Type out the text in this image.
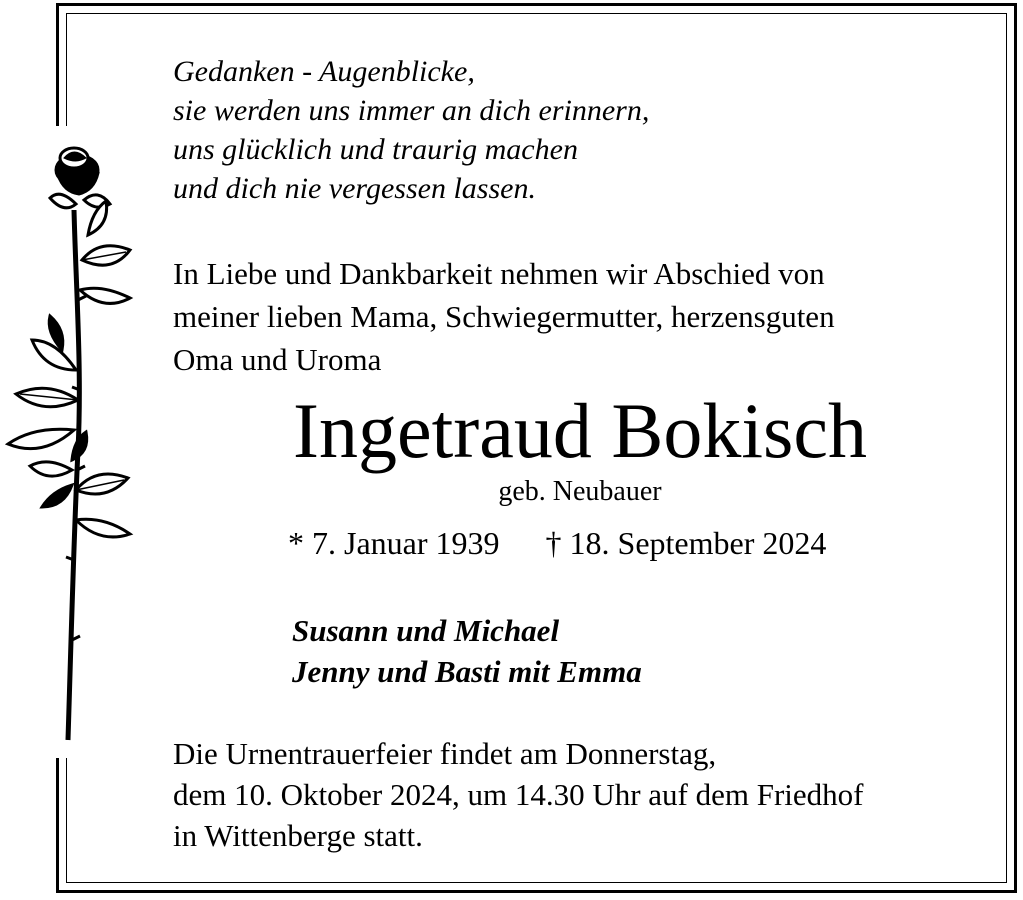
Gedanken - Augenblicke,
sie werden uns immer an dich erinnern,
uns glücklich und traurig machen
und dich nie vergessen lassen.
In Liebe und Dankbarkeit nehmen wir Abschied von
meiner lieben Mama, Schwiegermutter, herzensguten
Oma und Uroma
Ingetraud Bokisch
geb. Neubauer
* 7. Januar 1939 † 18. September 2024
Susann und Michael
Jenny und Basti mit Emma
Die Urnentrauerfeier findet am Donnerstag,
dem 10. Oktober 2024, um 14.30 Uhr auf dem Friedhof
in Wittenberge statt.
